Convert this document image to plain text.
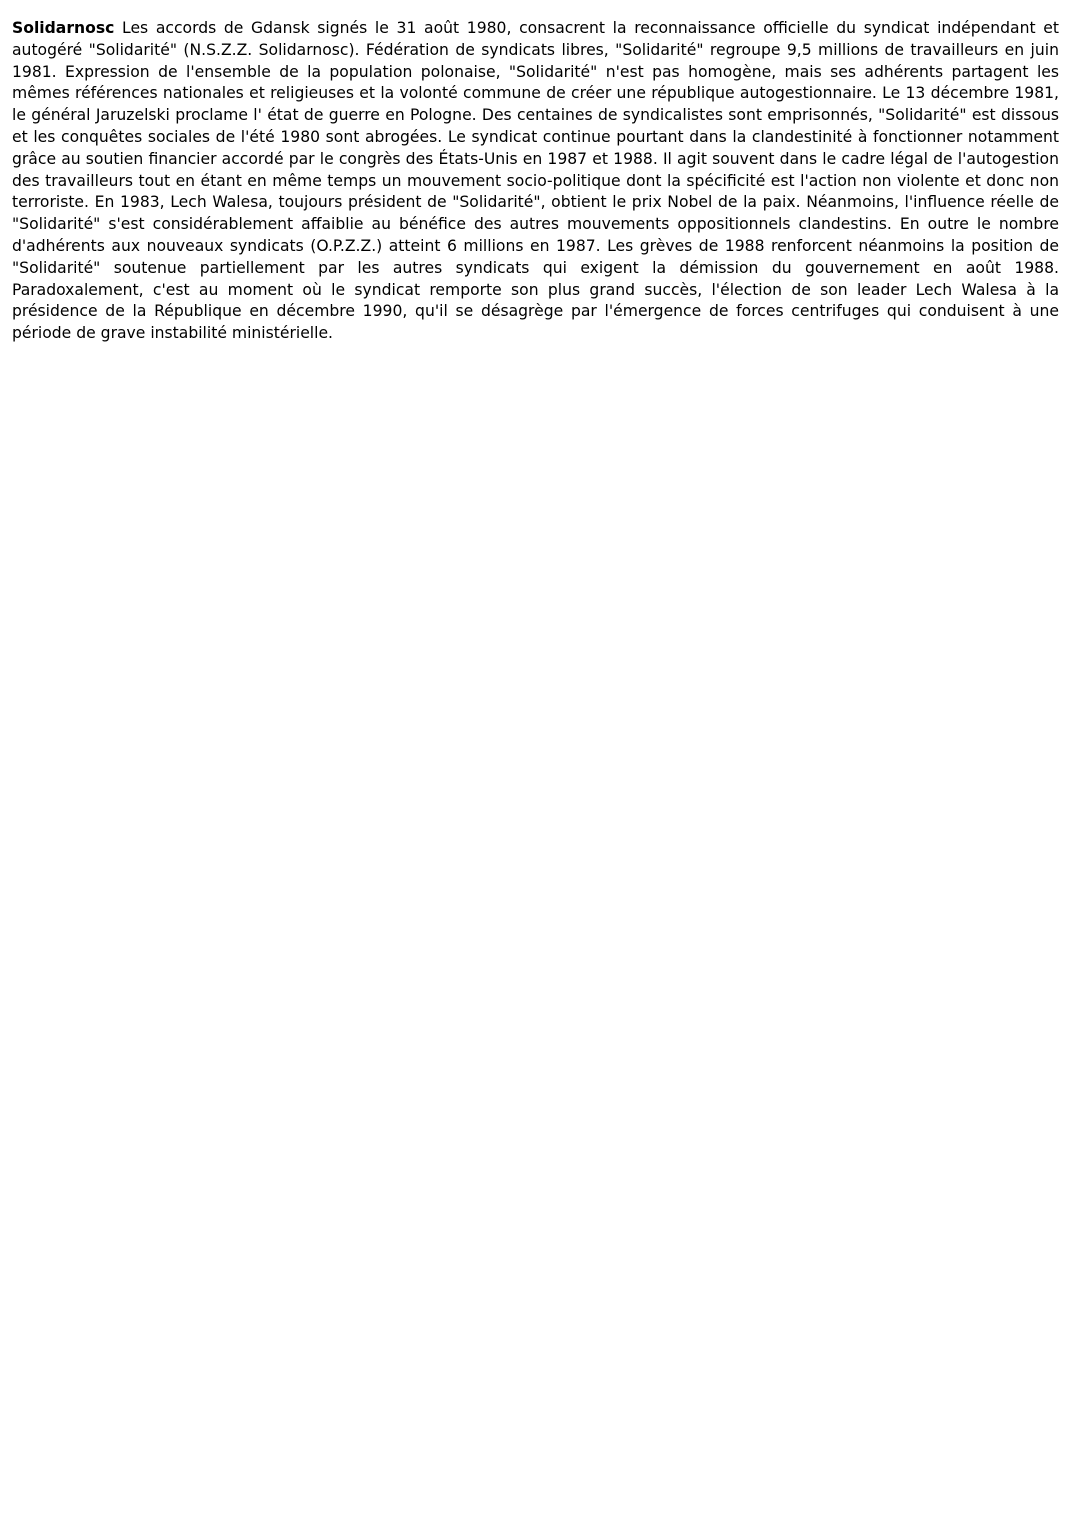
Solidarnosc Les accords de Gdansk signés le 31 août 1980, consacrent la reconnaissance officielle du syndicat indépendant et autogéré "Solidarité" (N.S.Z.Z. Solidarnosc). Fédération de syndicats libres, "Solidarité" regroupe 9,5 millions de travailleurs en juin 1981. Expression de l'ensemble de la population polonaise, "Solidarité" n'est pas homogène, mais ses adhérents partagent les mêmes références nationales et religieuses et la volonté commune de créer une république autogestionnaire. Le 13 décembre 1981, le général Jaruzelski proclame l' état de guerre en Pologne. Des centaines de syndicalistes sont emprisonnés, "Solidarité" est dissous et les conquêtes sociales de l'été 1980 sont abrogées. Le syndicat continue pourtant dans la clandestinité à fonctionner notamment grâce au soutien financier accordé par le congrès des États-Unis en 1987 et 1988. Il agit souvent dans le cadre légal de l'autogestion des travailleurs tout en étant en même temps un mouvement socio-politique dont la spécificité est l'action non violente et donc non terroriste. En 1983, Lech Walesa, toujours président de "Solidarité", obtient le prix Nobel de la paix. Néanmoins, l'influence réelle de "Solidarité" s'est considérablement affaiblie au bénéfice des autres mouvements oppositionnels clandestins. En outre le nombre d'adhérents aux nouveaux syndicats (O.P.Z.Z.) atteint 6 millions en 1987. Les grèves de 1988 renforcent néanmoins la position de "Solidarité" soutenue partiellement par les autres syndicats qui exigent la démission du gouvernement en août 1988. Paradoxalement, c'est au moment où le syndicat remporte son plus grand succès, l'élection de son leader Lech Walesa à la présidence de la République en décembre 1990, qu'il se désagrège par l'émergence de forces centrifuges qui conduisent à une période de grave instabilité ministérielle.
